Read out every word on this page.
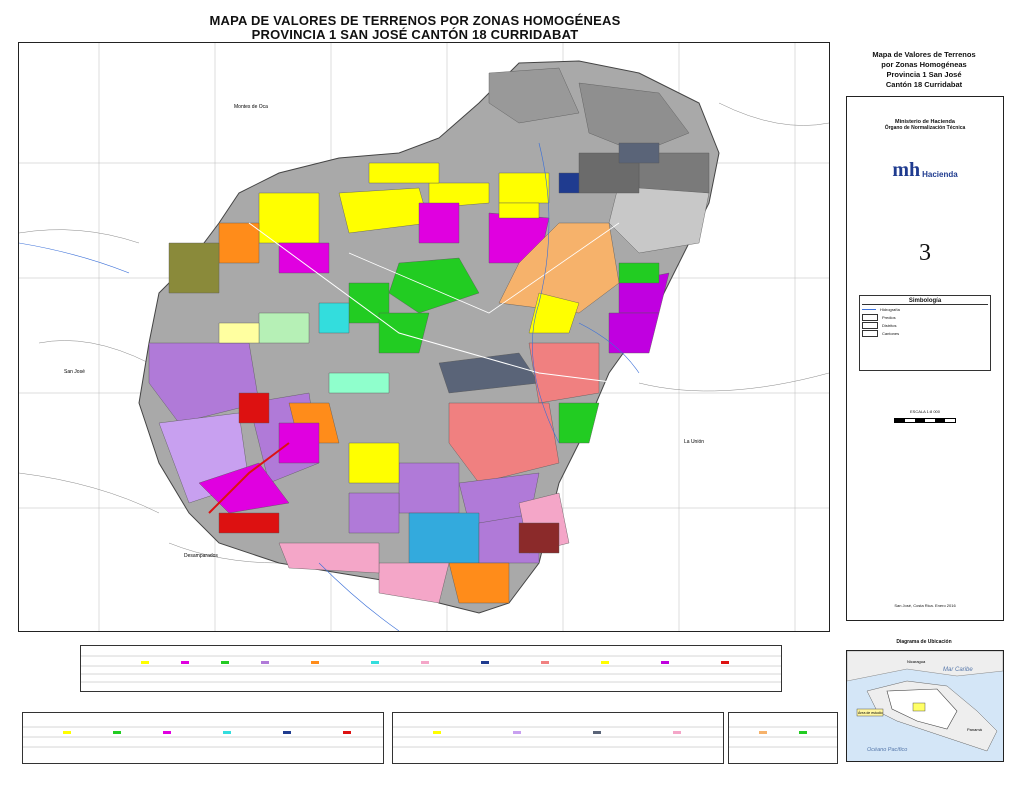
MAPA DE VALORES DE TERRENOS POR ZONAS HOMOGÉNEAS
PROVINCIA 1 SAN JOSÉ CANTÓN 18 CURRIDABAT
Montes de Oca
San José
La Unión
Desamparados
Mapa de Valores de Terrenos
por Zonas Homogéneas
Provincia 1 San José
Cantón 18 Curridabat
Ministerio de Hacienda
Órgano de Normalización Técnica
mh Hacienda
3
Simbología
Hidrografía
Predios
Distritos
Cantones
ESCALA 1:8 000
San José, Costa Rica. Enero 2016
Diagrama de Ubicación
Área de estudio
Mar Caribe
Océano Pacífico
Nicaragua
Panamá
